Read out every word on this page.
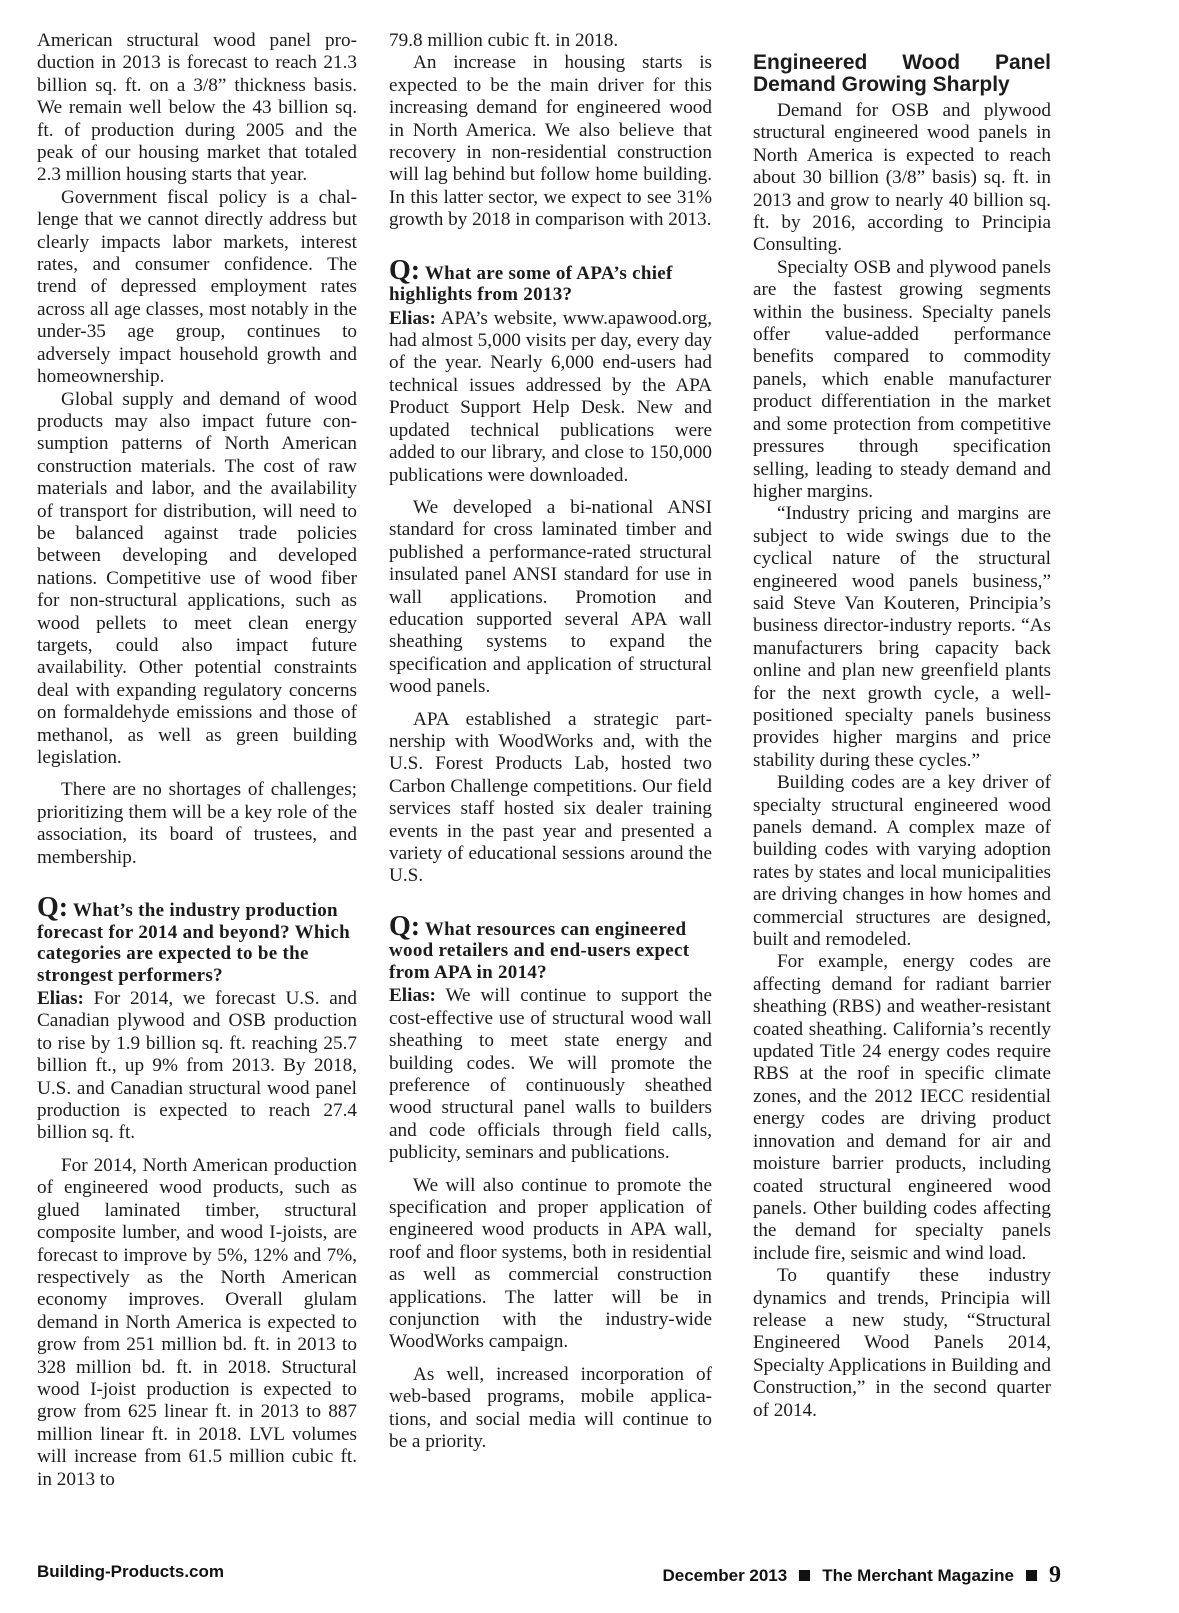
American structural wood panel production in 2013 is forecast to reach 21.3 billion sq. ft. on a 3/8” thickness basis. We remain well below the 43 billion sq. ft. of production during 2005 and the peak of our housing market that totaled 2.3 million housing starts that year.

Government fiscal policy is a challenge that we cannot directly address but clearly impacts labor markets, interest rates, and consumer confidence. The trend of depressed employment rates across all age classes, most notably in the under-35 age group, continues to adversely impact household growth and homeownership.

Global supply and demand of wood products may also impact future consumption patterns of North American construction materials. The cost of raw materials and labor, and the availability of transport for distribution, will need to be balanced against trade policies between developing and developed nations. Competitive use of wood fiber for non-structural applications, such as wood pellets to meet clean energy targets, could also impact future availability. Other potential constraints deal with expanding regulatory concerns on formaldehyde emissions and those of methanol, as well as green building legislation.

There are no shortages of challenges; prioritizing them will be a key role of the association, its board of trustees, and membership.

Q: What’s the industry production forecast for 2014 and beyond? Which categories are expected to be the strongest performers?

Elias: For 2014, we forecast U.S. and Canadian plywood and OSB production to rise by 1.9 billion sq. ft. reaching 25.7 billion ft., up 9% from 2013. By 2018, U.S. and Canadian structural wood panel production is expected to reach 27.4 billion sq. ft.

For 2014, North American production of engineered wood products, such as glued laminated timber, structural composite lumber, and wood I-joists, are forecast to improve by 5%, 12% and 7%, respectively as the North American economy improves. Overall glulam demand in North America is expected to grow from 251 million bd. ft. in 2013 to 328 million bd. ft. in 2018. Structural wood I-joist production is expected to grow from 625 linear ft. in 2013 to 887 million linear ft. in 2018. LVL volumes will increase from 61.5 million cubic ft. in 2013 to

79.8 million cubic ft. in 2018.

An increase in housing starts is expected to be the main driver for this increasing demand for engineered wood in North America. We also believe that recovery in non-residential construction will lag behind but follow home building. In this latter sector, we expect to see 31% growth by 2018 in comparison with 2013.

Q: What are some of APA’s chief highlights from 2013?

Elias: APA’s website, www.apawood.org, had almost 5,000 visits per day, every day of the year. Nearly 6,000 end-users had technical issues addressed by the APA Product Support Help Desk. New and updated technical publications were added to our library, and close to 150,000 publications were downloaded.

We developed a bi-national ANSI standard for cross laminated timber and published a performance-rated structural insulated panel ANSI standard for use in wall applications. Promotion and education supported several APA wall sheathing systems to expand the specification and application of structural wood panels.

APA established a strategic partnership with WoodWorks and, with the U.S. Forest Products Lab, hosted two Carbon Challenge competitions. Our field services staff hosted six dealer training events in the past year and presented a variety of educational sessions around the U.S.

Q: What resources can engineered wood retailers and end-users expect from APA in 2014?

Elias: We will continue to support the cost-effective use of structural wood wall sheathing to meet state energy and building codes. We will promote the preference of continuously sheathed wood structural panel walls to builders and code officials through field calls, publicity, seminars and publications.

We will also continue to promote the specification and proper application of engineered wood products in APA wall, roof and floor systems, both in residential as well as commercial construction applications. The latter will be in conjunction with the industry-wide WoodWorks campaign.

As well, increased incorporation of web-based programs, mobile applications, and social media will continue to be a priority.

Engineered Wood Panel Demand Growing Sharply

Demand for OSB and plywood structural engineered wood panels in North America is expected to reach about 30 billion (3/8” basis) sq. ft. in 2013 and grow to nearly 40 billion sq. ft. by 2016, according to Principia Consulting.

Specialty OSB and plywood panels are the fastest growing segments within the business. Specialty panels offer value-added performance benefits compared to commodity panels, which enable manufacturer product differentiation in the market and some protection from competitive pressures through specification selling, leading to steady demand and higher margins.

“Industry pricing and margins are subject to wide swings due to the cyclical nature of the structural engineered wood panels business,” said Steve Van Kouteren, Principia’s business director-industry reports. “As manufacturers bring capacity back online and plan new greenfield plants for the next growth cycle, a well-positioned specialty panels business provides higher margins and price stability during these cycles.”

Building codes are a key driver of specialty structural engineered wood panels demand. A complex maze of building codes with varying adoption rates by states and local municipalities are driving changes in how homes and commercial structures are designed, built and remodeled.

For example, energy codes are affecting demand for radiant barrier sheathing (RBS) and weather-resistant coated sheathing. California’s recently updated Title 24 energy codes require RBS at the roof in specific climate zones, and the 2012 IECC residential energy codes are driving product innovation and demand for air and moisture barrier products, including coated structural engineered wood panels. Other building codes affecting the demand for specialty panels include fire, seismic and wind load.

To quantify these industry dynamics and trends, Principia will release a new study, “Structural Engineered Wood Panels 2014, Specialty Applications in Building and Construction,” in the second quarter of 2014.

Building-Products.com	December 2013 The Merchant Magazine 9
